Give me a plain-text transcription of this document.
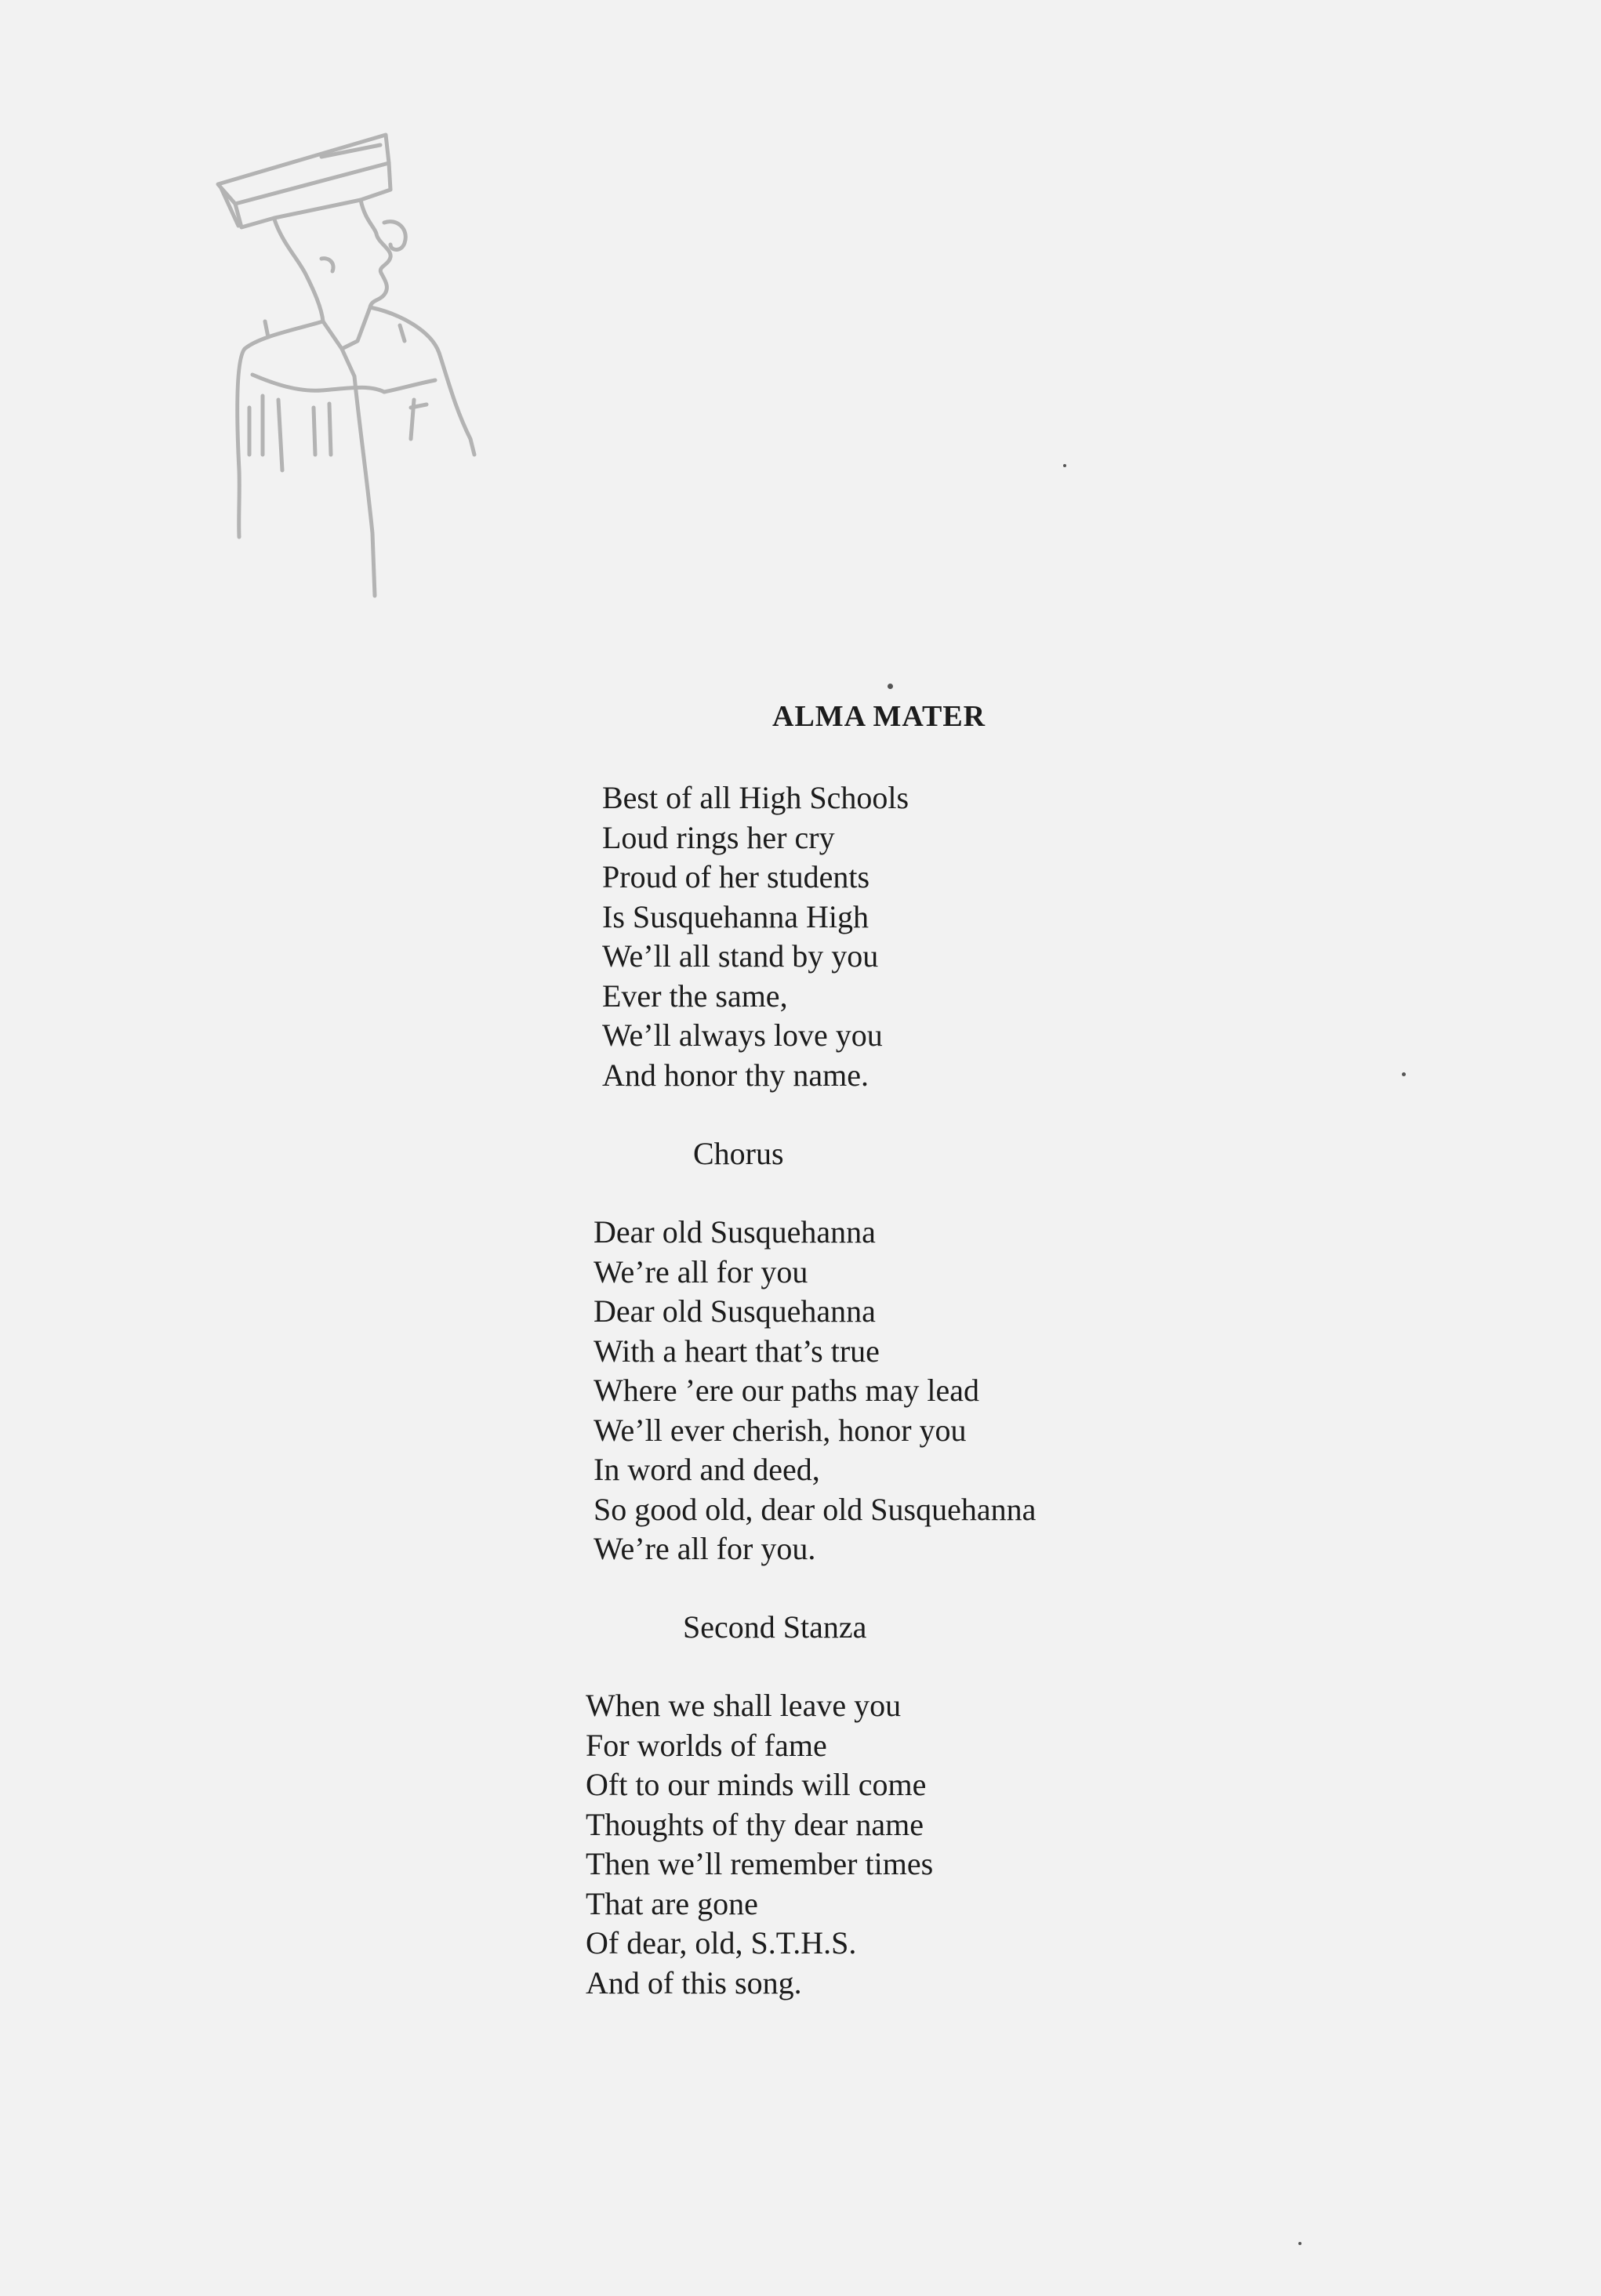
ALMA MATER
Best of all High Schools
Loud rings her cry
Proud of her students
Is Susquehanna High
We’ll all stand by you
Ever the same,
We’ll always love you
And honor thy name.
Chorus
Dear old Susquehanna
We’re all for you
Dear old Susquehanna
With a heart that’s true
Where ’ere our paths may lead
We’ll ever cherish, honor you
In word and deed,
So good old, dear old Susquehanna
We’re all for you.
Second Stanza
When we shall leave you
For worlds of fame
Oft to our minds will come
Thoughts of thy dear name
Then we’ll remember times
That are gone
Of dear, old, S.T.H.S.
And of this song.
